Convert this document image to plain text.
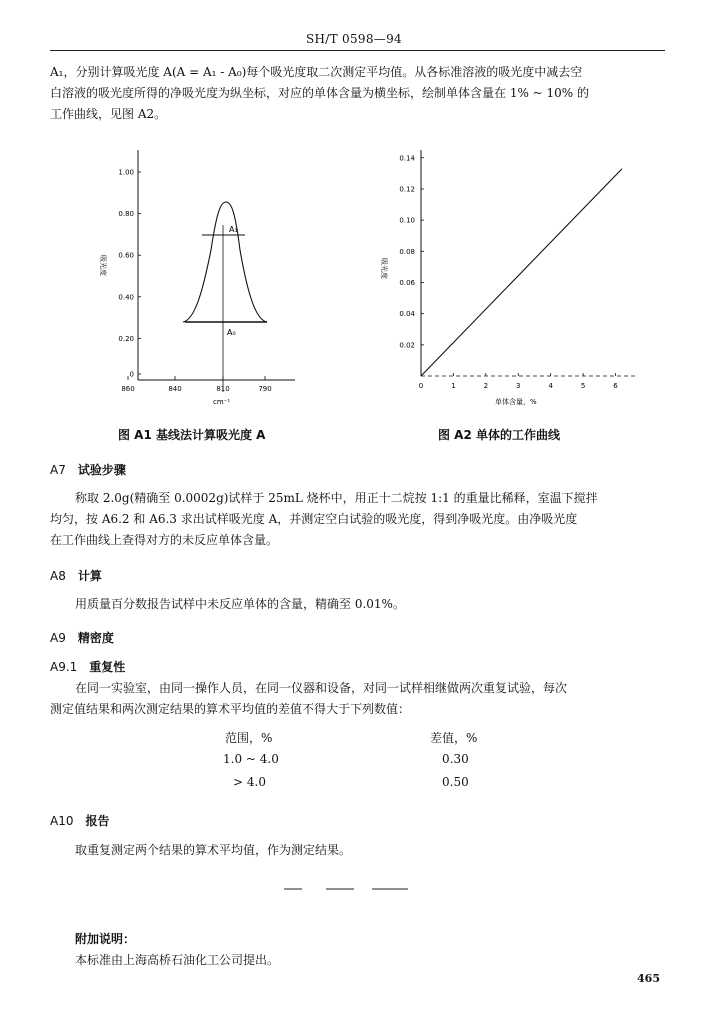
SH/T 0598—94
A₁，分别计算吸光度 A(A = A₁ - A₀)每个吸光度取二次测定平均值。从各标准溶液的吸光度中减去空
白溶液的吸光度所得的净吸光度为纵坐标，对应的单体含量为横坐标，绘制单体含量在 1% ~ 10% 的
工作曲线，见图 A2。
吸光度
0
0.20
0.40
0.60
0.80
1.00
860	840	810	790
A₁
A₀
cm⁻¹
吸光度
0.02
0.04
0.06
0.08
0.10
0.12
0.14
0	1	2	3	4	5	6
单体含量，%
图 A1 基线法计算吸光度 A	图 A2 单体的工作曲线
A7 试验步骤
称取 2.0g(精确至 0.0002g)试样于 25mL 烧杯中，用正十二烷按 1:1 的重量比稀释，室温下搅拌
均匀，按 A6.2 和 A6.3 求出试样吸光度 A，并测定空白试验的吸光度，得到净吸光度。由净吸光度
在工作曲线上查得对方的未反应单体含量。
A8 计算
用质量百分数报告试样中未反应单体的含量，精确至 0.01%。
A9 精密度
A9.1 重复性
在同一实验室，由同一操作人员，在同一仪器和设备，对同一试样相继做两次重复试验，每次
测定值结果和两次测定结果的算术平均值的差值不得大于下列数值：
范围，%	差值，%
1.0 ~ 4.0	0.30
> 4.0	0.50
A10 报告
取重复测定两个结果的算术平均值，作为测定结果。
附加说明：
本标准由上海高桥石油化工公司提出。
465
